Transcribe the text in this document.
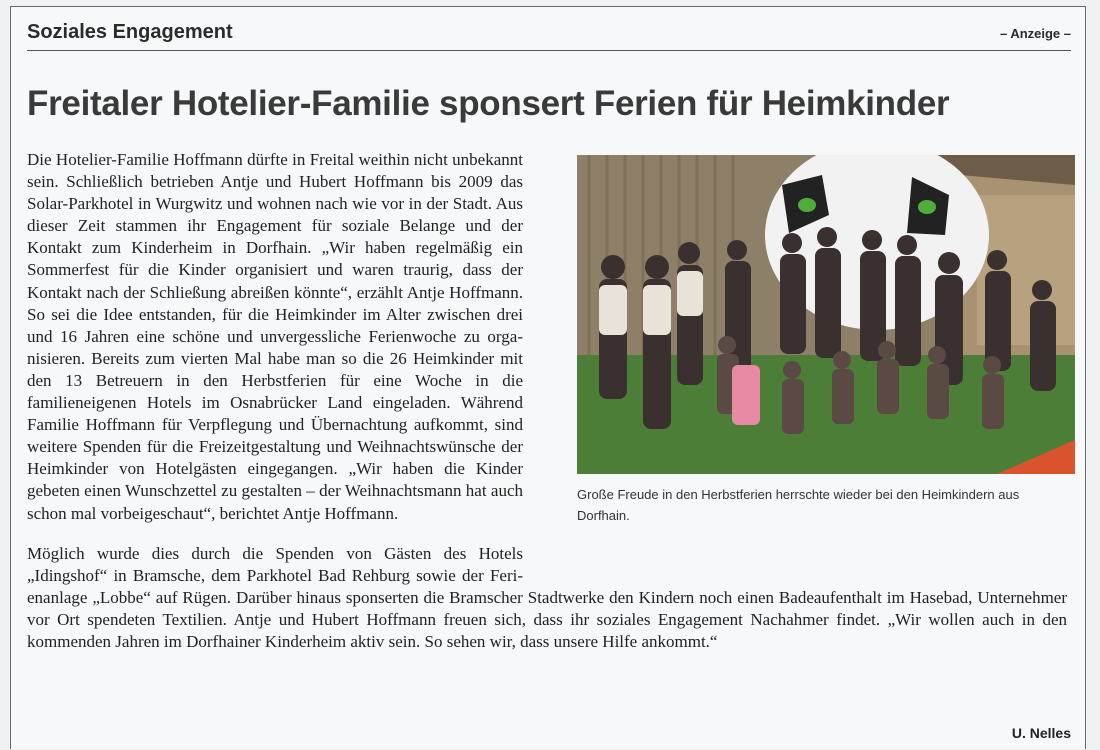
Soziales Engagement	– Anzeige –
Freitaler Hotelier-Familie sponsert Ferien für Heimkinder

Die Hotelier-Familie Hoffmann dürfte in Freital weithin nicht unbekannt sein. Schließlich betrieben Antje und Hubert Hoffmann bis 2009 das Solar-Parkhotel in Wurgwitz und wohnen nach wie vor in der Stadt. Aus dieser Zeit stammen ihr Engagement für soziale Belange und der Kontakt zum Kinderheim in Dorfhain. „Wir haben regelmäßig ein Sommerfest für die Kinder organisiert und waren traurig, dass der Kontakt nach der Schließung abreißen könnte“, erzählt Antje Hoffmann. So sei die Idee entstanden, für die Heimkinder im Alter zwischen drei und 16 Jahren eine schöne und unvergessliche Ferienwoche zu organisieren. Bereits zum vierten Mal habe man so die 26 Heimkinder mit den 13 Betreuern in den Herbstferien für eine Woche in die familieneigenen Hotels im Osnabrücker Land eingeladen. Während Familie Hoffmann für Verpflegung und Übernachtung aufkommt, sind weitere Spenden für die Freizeitgestaltung und Weihnachtswünsche der Heimkinder von Hotelgästen eingegangen. „Wir haben die Kinder gebeten einen Wunschzettel zu gestalten – der Weihnachtsmann hat auch schon mal vorbeigeschaut“, berichtet Antje Hoffmann.

Möglich wurde dies durch die Spenden von Gästen des Hotels „Idingshof“ in Bramsche, dem Parkhotel Bad Rehburg sowie der Ferienanlage „Lobbe“ auf Rügen. Darüber hinaus sponserten die Bramscher Stadtwerke den Kindern noch einen Badeaufenthalt im Hasebad, Unternehmer vor Ort spendeten Textilien. Antje und Hubert Hoffmann freuen sich, dass ihr soziales Engagement Nachahmer findet. „Wir wollen auch in den kommenden Jahren im Dorfhainer Kinderheim aktiv sein. So sehen wir, dass unsere Hilfe ankommt.“

Große Freude in den Herbstferien herrschte wieder bei den Heimkindern aus Dorfhain.

U. Nelles
